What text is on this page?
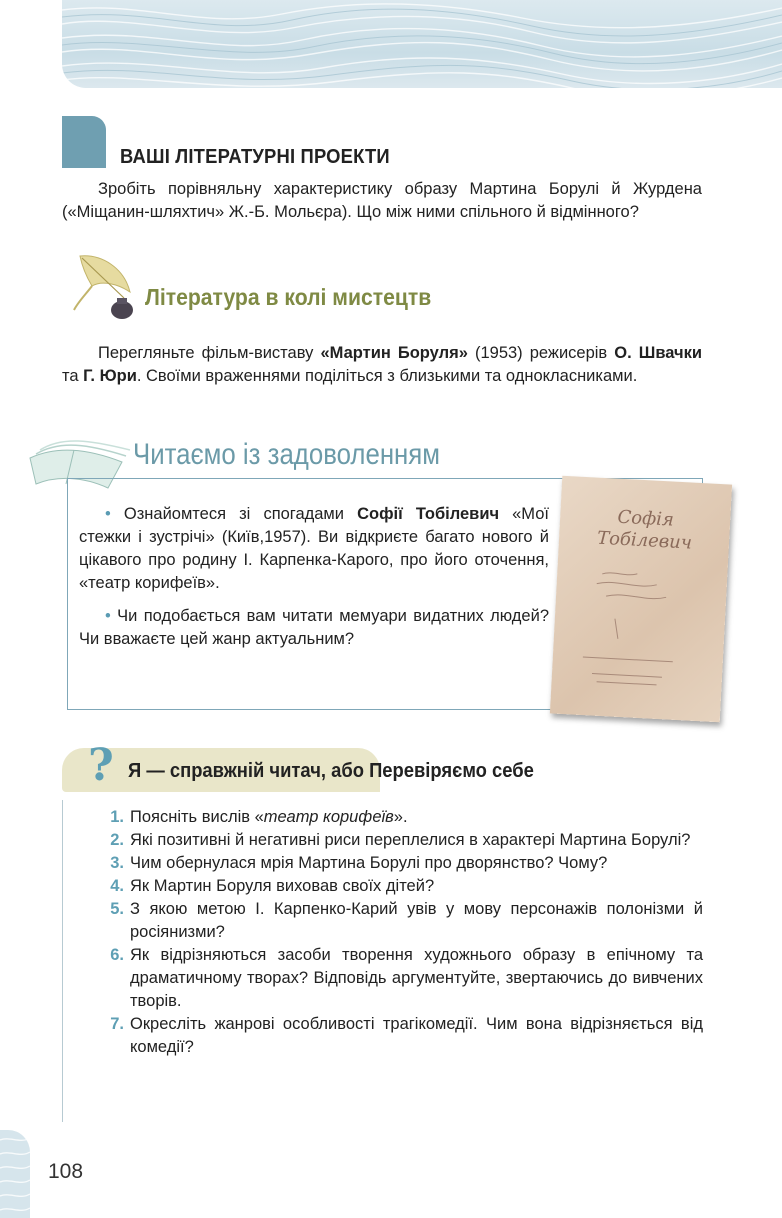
ВАШІ ЛІТЕРАТУРНІ ПРОЕКТИ
Зробіть порівняльну характеристику образу Мартина Борулі й Журдена («Міщанин-шляхтич» Ж.-Б. Мольєра). Що між ними спільного й відмінного?
Література в колі мистецтв
Перегляньте фільм-виставу «Мартин Боруля» (1953) режисерів О. Швачки та Г. Юри. Своїми враженнями поділіться з близькими та однокласниками.
Читаємо із задоволенням
• Ознайомтеся зі спогадами Софії Тобілевич «Мої стежки і зустрічі» (Київ,1957). Ви відкриєте багато нового й цікавого про родину І. Карпенка-Карого, про його оточення, «театр корифеїв».
• Чи подобається вам читати мемуари видатних людей? Чи вважаєте цей жанр актуальним?
Софія Тобілевич
? Я — справжній читач, або Перевіряємо себе
1. Поясніть вислів «театр корифеїв».
2. Які позитивні й негативні риси переплелися в характері Мартина Борулі?
3. Чим обернулася мрія Мартина Борулі про дворянство? Чому?
4. Як Мартин Боруля виховав своїх дітей?
5. З якою метою І. Карпенко-Карий увів у мову персонажів полонізми й росіянизми?
6. Як відрізняються засоби творення художнього образу в епічному та драматичному творах? Відповідь аргументуйте, звертаючись до вивчених творів.
7. Окресліть жанрові особливості трагікомедії. Чим вона відрізняється від комедії?
108
